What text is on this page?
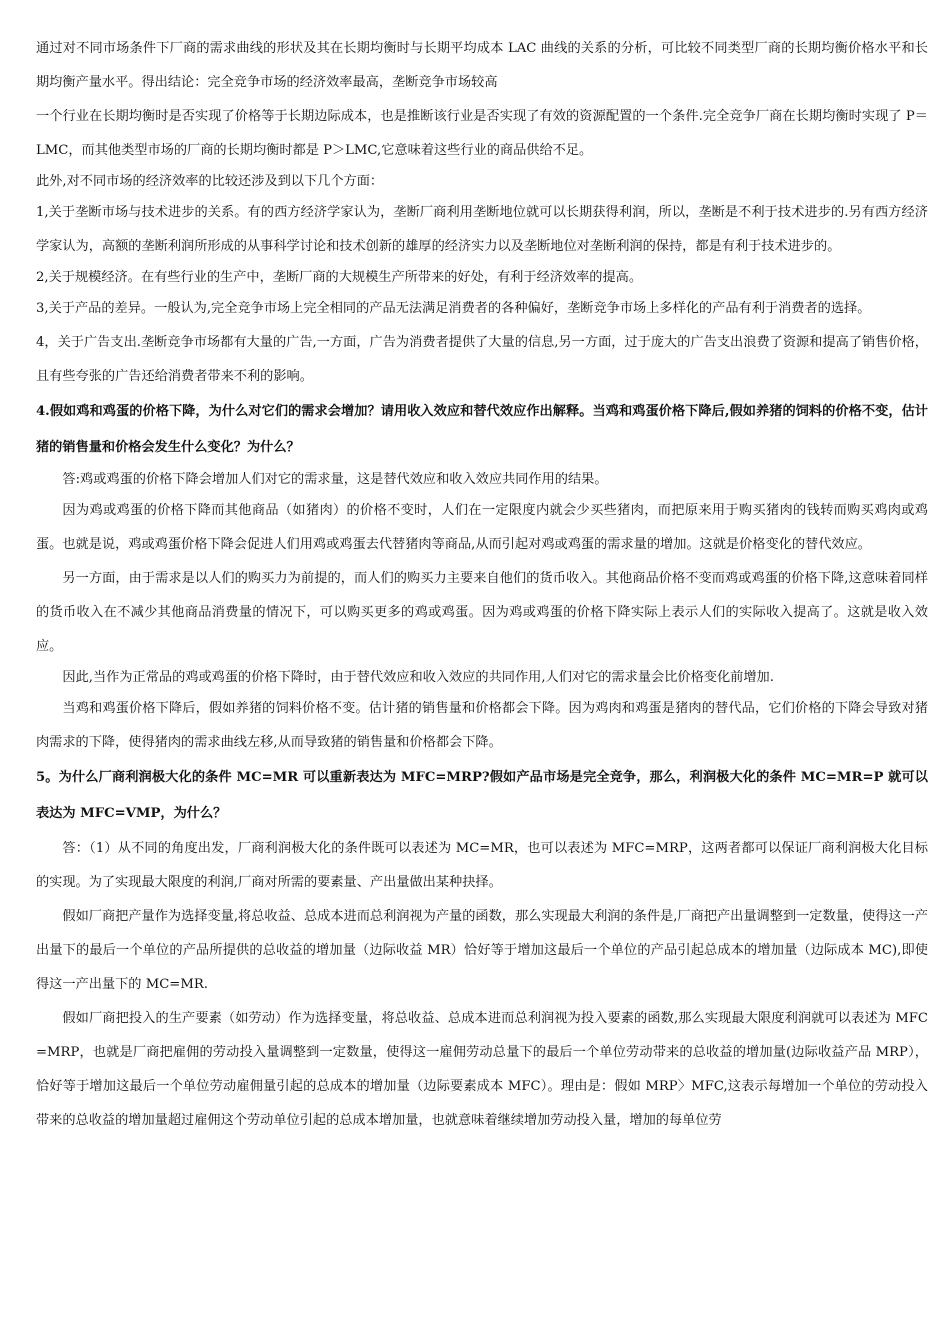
通过对不同市场条件下厂商的需求曲线的形状及其在长期均衡时与长期平均成本 LAC 曲线的关系的分析，可比较不同类型厂商的长期均衡价格水平和长期均衡产量水平。得出结论：完全竞争市场的经济效率最高，垄断竞争市场较高

一个行业在长期均衡时是否实现了价格等于长期边际成本，也是推断该行业是否实现了有效的资源配置的一个条件.完全竞争厂商在长期均衡时实现了 P＝LMC，而其他类型市场的厂商的长期均衡时都是 P＞LMC,它意味着这些行业的商品供给不足。

此外,对不同市场的经济效率的比较还涉及到以下几个方面：

1,关于垄断市场与技术进步的关系。有的西方经济学家认为，垄断厂商利用垄断地位就可以长期获得利润，所以，垄断是不利于技术进步的.另有西方经济学家认为，高额的垄断利润所形成的从事科学讨论和技术创新的雄厚的经济实力以及垄断地位对垄断利润的保持，都是有利于技术进步的。

2,关于规模经济。在有些行业的生产中，垄断厂商的大规模生产所带来的好处，有利于经济效率的提高。

3,关于产品的差异。一般认为,完全竞争市场上完全相同的产品无法满足消费者的各种偏好，垄断竞争市场上多样化的产品有利于消费者的选择。

4，关于广告支出.垄断竞争市场都有大量的广告,一方面，广告为消费者提供了大量的信息,另一方面，过于庞大的广告支出浪费了资源和提高了销售价格，且有些夸张的广告还给消费者带来不利的影响。

4.假如鸡和鸡蛋的价格下降，为什么对它们的需求会增加？请用收入效应和替代效应作出解释。当鸡和鸡蛋价格下降后,假如养猪的饲料的价格不变，估计猪的销售量和价格会发生什么变化？为什么？

答:鸡或鸡蛋的价格下降会增加人们对它的需求量，这是替代效应和收入效应共同作用的结果。

因为鸡或鸡蛋的价格下降而其他商品（如猪肉）的价格不变时，人们在一定限度内就会少买些猪肉，而把原来用于购买猪肉的钱转而购买鸡肉或鸡蛋。也就是说，鸡或鸡蛋价格下降会促进人们用鸡或鸡蛋去代替猪肉等商品,从而引起对鸡或鸡蛋的需求量的增加。这就是价格变化的替代效应。

另一方面，由于需求是以人们的购买力为前提的，而人们的购买力主要来自他们的货币收入。其他商品价格不变而鸡或鸡蛋的价格下降,这意味着同样的货币收入在不减少其他商品消费量的情况下，可以购买更多的鸡或鸡蛋。因为鸡或鸡蛋的价格下降实际上表示人们的实际收入提高了。这就是收入效应。

因此,当作为正常品的鸡或鸡蛋的价格下降时，由于替代效应和收入效应的共同作用,人们对它的需求量会比价格变化前增加.

当鸡和鸡蛋价格下降后，假如养猪的饲料价格不变。估计猪的销售量和价格都会下降。因为鸡肉和鸡蛋是猪肉的替代品，它们价格的下降会导致对猪肉需求的下降，使得猪肉的需求曲线左移,从而导致猪的销售量和价格都会下降。

5。为什么厂商利润极大化的条件 MC=MR 可以重新表达为 MFC=MRP?假如产品市场是完全竞争，那么，利润极大化的条件 MC=MR=P 就可以表达为 MFC=VMP，为什么？

答：（1）从不同的角度出发，厂商利润极大化的条件既可以表述为 MC=MR，也可以表述为 MFC=MRP，这两者都可以保证厂商利润极大化目标的实现。为了实现最大限度的利润,厂商对所需的要素量、产出量做出某种抉择。

假如厂商把产量作为选择变量,将总收益、总成本进而总利润视为产量的函数，那么实现最大利润的条件是,厂商把产出量调整到一定数量，使得这一产出量下的最后一个单位的产品所提供的总收益的增加量（边际收益 MR）恰好等于增加这最后一个单位的产品引起总成本的增加量（边际成本 MC),即使得这一产出量下的 MC=MR.

假如厂商把投入的生产要素（如劳动）作为选择变量，将总收益、总成本进而总利润视为投入要素的函数,那么实现最大限度利润就可以表述为 MFC=MRP，也就是厂商把雇佣的劳动投入量调整到一定数量，使得这一雇佣劳动总量下的最后一个单位劳动带来的总收益的增加量(边际收益产品 MRP），恰好等于增加这最后一个单位劳动雇佣量引起的总成本的增加量（边际要素成本 MFC）。理由是：假如 MRP〉MFC,这表示每增加一个单位的劳动投入带来的总收益的增加量超过雇佣这个劳动单位引起的总成本增加量，也就意味着继续增加劳动投入量，增加的每单位劳
